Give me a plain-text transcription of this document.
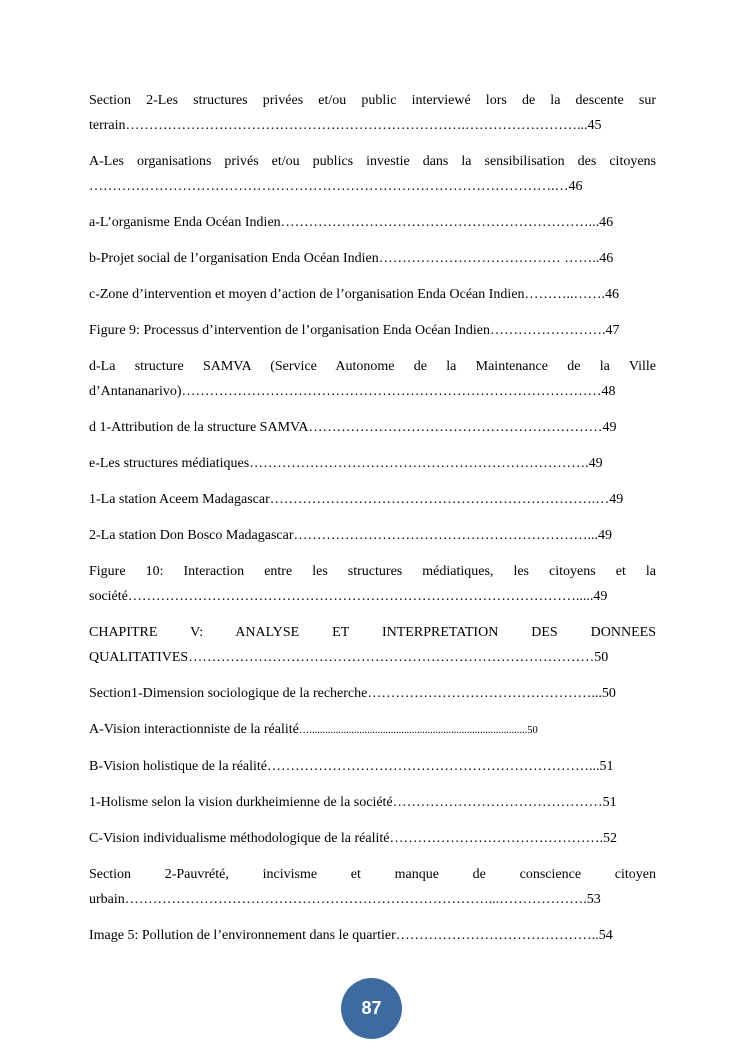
Section 2-Les structures privées et/ou public interviewé lors de la descente sur
terrain……………………………………………………………….……………………...45
A-Les organisations privés et/ou publics investie dans la sensibilisation des citoyens
……………………………………………………………………………………….…46
a-L’organisme Enda Océan Indien…………………………………………………………...46
b-Projet social de l’organisation Enda Océan Indien………………………………… ……..46
c-Zone d’intervention et moyen d’action de l’organisation Enda Océan Indien………..…….46
Figure 9: Processus d’intervention de l’organisation Enda Océan Indien…………………….47
d-La structure SAMVA (Service Autonome de la Maintenance de la Ville
d’Antananarivo)………………………………………………………………………………48
d 1-Attribution de la structure SAMVA………………………………………………………49
e-Les structures médiatiques……………………………………………………………….49
1-La station Aceem Madagascar…………………………………………………………….…49
2-La station Don Bosco Madagascar………………………………………………………...49
Figure 10: Interaction entre les structures médiatiques, les citoyens et la
société…………………………………………………………………………………….....49
CHAPITRE V: ANALYSE ET INTERPRETATION DES DONNEES
QUALITATIVES……………………………………………………………………………50
Section1-Dimension sociologique de la recherche…………………………………………...50
A-Vision interactionniste de la réalité…...................................................................................50
B-Vision holistique de la réalité……………………………………………………………...51
1-Holisme selon la vision durkheimienne de la société………………………………………51
C-Vision individualisme méthodologique de la réalité……………………………………….52
Section 2-Pauvrété, incivisme et manque de conscience citoyen
urbain……………………………………………………………………...……………….53
Image 5: Pollution de l’environnement dans le quartier……………………………………..54
87
